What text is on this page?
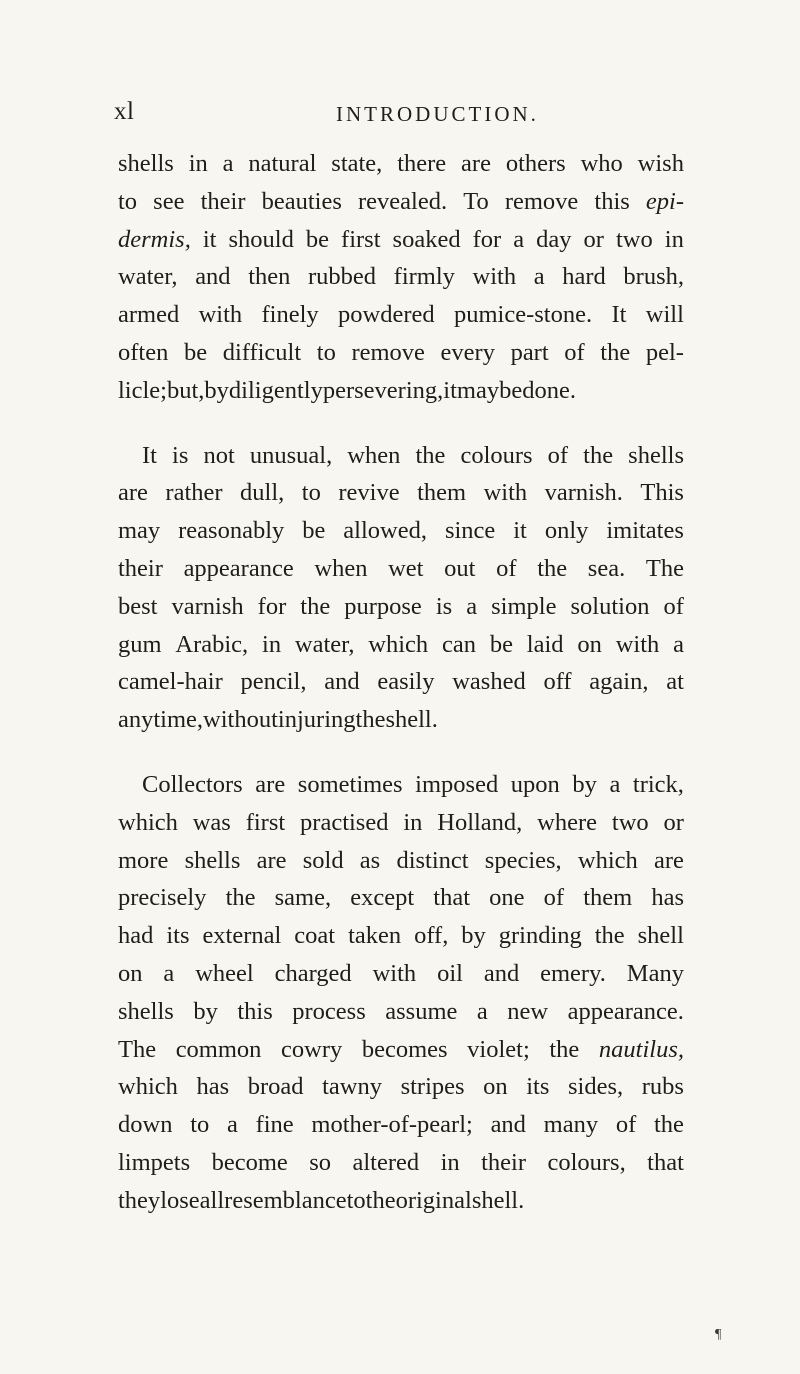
xl	INTRODUCTION.
shells in a natural state, there are others who wish
to see their beauties revealed. To remove this epi-
dermis, it should be first soaked for a day or two in
water, and then rubbed firmly with a hard brush,
armed with finely powdered pumice-stone. It will
often be difficult to remove every part of the pel-
licle; but, by diligently persevering, it may be done.
It is not unusual, when the colours of the shells
are rather dull, to revive them with varnish. This
may reasonably be allowed, since it only imitates
their appearance when wet out of the sea. The
best varnish for the purpose is a simple solution of
gum Arabic, in water, which can be laid on with a
camel-hair pencil, and easily washed off again, at
any time, without injuring the shell.
Collectors are sometimes imposed upon by a trick,
which was first practised in Holland, where two or
more shells are sold as distinct species, which are
precisely the same, except that one of them has
had its external coat taken off, by grinding the shell
on a wheel charged with oil and emery. Many
shells by this process assume a new appearance.
The common cowry becomes violet; the nautilus,
which has broad tawny stripes on its sides, rubs
down to a fine mother-of-pearl; and many of the
limpets become so altered in their colours, that
they lose all resemblance to the original shell.
¶
